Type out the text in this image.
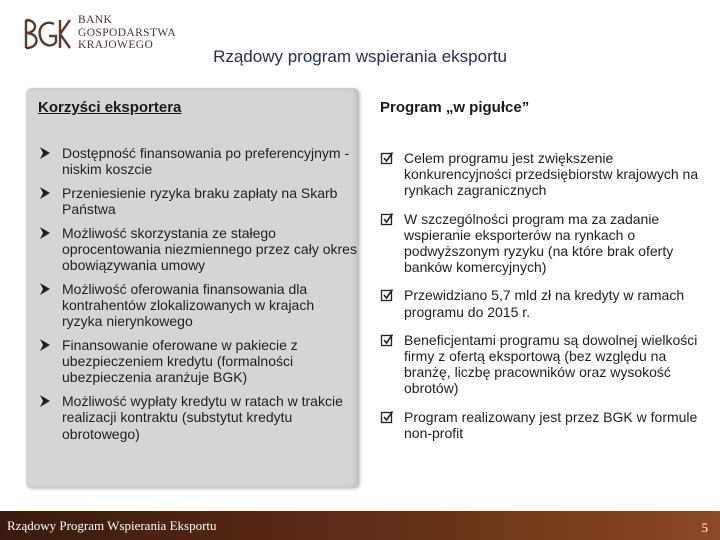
BANK
GOSPODARSTWA
KRAJOWEGO
Rządowy program wspierania eksportu
Korzyści eksportera	Program „w pigułce”
Dostępność finansowania po preferencyjnym - niskim koszcie
Przeniesienie ryzyka braku zapłaty na Skarb Państwa
Możliwość skorzystania ze stałego oprocentowania niezmiennego przez cały okres obowiązywania umowy
Możliwość oferowania finansowania dla kontrahentów zlokalizowanych w krajach ryzyka nierynkowego
Finansowanie oferowane w pakiecie z ubezpieczeniem kredytu (formalności ubezpieczenia aranżuje BGK)
Możliwość wypłaty kredytu w ratach w trakcie realizacji kontraktu (substytut kredytu obrotowego)
Celem programu jest zwiększenie konkurencyjności przedsiębiorstw krajowych na rynkach zagranicznych
W szczególności program ma za zadanie wspieranie eksporterów na rynkach o podwyższonym ryzyku (na które brak oferty banków komercyjnych)
Przewidziano 5,7 mld zł na kredyty w ramach programu do 2015 r.
Beneficjentami programu są dowolnej wielkości firmy z ofertą eksportową (bez względu na branżę, liczbę pracowników oraz wysokość obrotów)
Program realizowany jest przez BGK w formule non-profit
Rządowy Program Wspierania Eksportu	5
